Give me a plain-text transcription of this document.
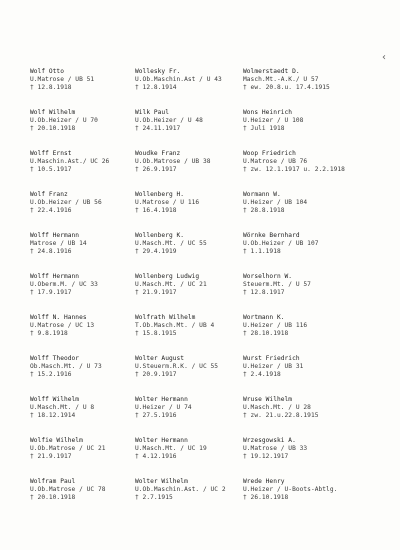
‹
Wolf Otto
U.Matrose / UB 51
† 12.8.1918
Wollesky Fr.
U.Ob.Maschin.Ast / U 43
† 12.8.1914
Wolmerstaedt D.
Masch.Mt.-A.K./ U 57
† ew. 20.8.u. 17.4.1915
Wolf Wilhelm
U.Ob.Heizer / U 70
† 20.10.1918
Wilk Paul
U.Ob.Heizer / U 48
† 24.11.1917
Wons Heinrich
U.Heizer / U 108
† Juli 1918
Wolff Ernst
U.Maschin.Ast./ UC 26
† 10.5.1917
Woudke Franz
U.Ob.Matrose / UB 38
† 26.9.1917
Woop Friedrich
U.Matrose / UB 76
† zw. 12.1.1917 u. 2.2.1918
Wolf Franz
U.Ob.Heizer / UB 56
† 22.4.1916
Wollenberg H.
U.Matrose / U 116
† 16.4.1918
Wormann W.
U.Heizer / UB 104
† 28.8.1918
Wolff Hermann
Matrose / UB 14
† 24.8.1916
Wollenberg K.
U.Masch.Mt. / UC 55
† 29.4.1919
Wörnke Bernhard
U.Ob.Heizer / UB 107
† 1.1.1918
Wolff Hermann
U.Oberm.M. / UC 33
† 17.9.1917
Wollenberg Ludwig
U.Masch.Mt. / UC 21
† 21.9.1917
Worselhorn W.
Steuerm.Mt. / U 57
† 12.8.1917
Wolff N. Hannes
U.Matrose / UC 13
† 9.8.1918
Wolfrath Wilhelm
T.Ob.Masch.Mt. / UB 4
† 15.8.1915
Wortmann K.
U.Heizer / UB 116
† 28.10.1918
Wolff Theodor
Ob.Masch.Mt. / U 73
† 15.2.1916
Wolter August
U.Steuerm.R.K. / UC 55
† 20.9.1917
Wurst Friedrich
U.Heizer / UB 31
† 2.4.1918
Wolff Wilhelm
U.Masch.Mt. / U 8
† 18.12.1914
Wolter Hermann
U.Heizer / U 74
† 27.5.1916
Wruse Wilhelm
U.Masch.Mt. / U 28
† zw. 21.u.22.8.1915
Wolfie Wilhelm
U.Ob.Matrose / UC 21
† 21.9.1917
Wolter Hermann
U.Masch.Mt. / UC 19
† 4.12.1916
Wrzesgowski A.
U.Matrose / UB 33
† 19.12.1917
Wolfram Paul
U.Ob.Matrose / UC 78
† 20.10.1918
Wolter Wilhelm
U.Ob.Maschin.Ast. / UC 2
† 2.7.1915
Wrede Henry
U.Heizer / U-Boots-Abtlg.
† 26.10.1918
